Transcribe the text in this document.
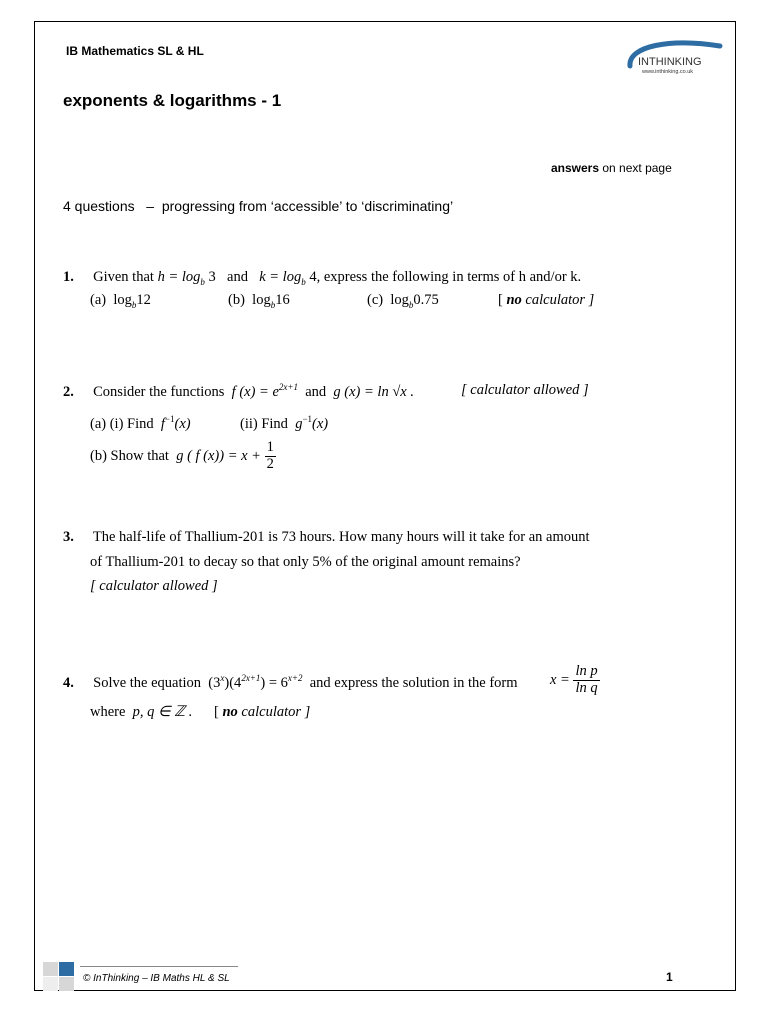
IB Mathematics SL & HL
INTHINKING
www.inthinking.co.uk
exponents & logarithms - 1
answers on next page
4 questions   –  progressing from ‘accessible’ to ‘discriminating’
1. Given that $h = \log_b 3$ and $k = \log_b 4$, express the following in terms of h and/or k.
(a) $\log_b12$	(b) $\log_b16$	(c) $\log_b0.75$	[ no calculator ]
2. Consider the functions f $(x) = e^{2x+1}$ and g (x) = ln √x .	[ calculator allowed ]
(a) (i) Find $f^{-1}(x)$	(ii) Find $g^{-1}(x)$
(b) Show that g ( f $(x)) = x + \frac{1}{2}$
3. The half-life of Thallium-201 is 73 hours. How many hours will it take for an amount
of Thallium-201 to decay so that only 5% of the original amount remains?
[ calculator allowed ]
4. Solve the equation $(3^x)(4^{2x+1}) = 6^{x+2}$ and express the solution in the form $x = \frac{\text{ln p}}{\text{ln q}}$
where p, q ∈ ℤ . [ no calculator ]
© InThinking – IB Maths HL & SL	1
